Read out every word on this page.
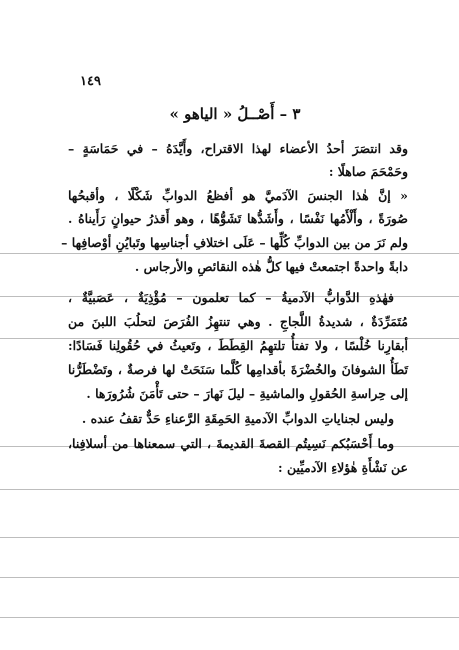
١٤٩
٣ – أَصْــلُ « الياهو »
وقد انتصَرَ أحدُ الأعضاء لهذا الاقتراح، وأَيَّدَهُ – في حَمَاسَةٍ –
وحَمْحَمَ صاهلًا :
« إنَّ هٰذا الجنسَ الآدَميَّ هو أفظعُ الدوابِّ شَكْلًا ، وأقبحُها
صُورَةً ، وأَلْأَمُها نَفْسًا ، وأَشَدُّها تَشَوُّهًا ، وهو أَقذرُ حيوانٍ رَأَيناهُ .
ولم نَرَ من بين الدوابِّ كُلِّها – عَلَى اختلافِ أجناسِها وتَبايُنِ أوْصافِها –
دابةً واحدةً اجتمعتْ فيها كلُّ هٰذه النقائصِ والأرجاس .
فهٰذهِ الدَّوابُّ الآدميةُ – كما تعلمون – مُؤْذِيَةٌ ، عَصَبيَّةٌ ،
مُتَمَرِّدَةٌ ، شديدةُ اللَّجاجِ . وهي تنتهِزُ الفُرَصَ لتحلُبَ اللبنَ من
أبقارِنا خُلْسًا ، ولا تفتأُ تلتهِمُ القِطَطَ ، وتَعيثُ في حُقُولِنا فَسَادًا:
تَطَأُ الشوفانَ والخُضْرَةَ بأقدامِها كُلَّما سَنَحَتْ لها فرصةٌ ، وتَضْطَرُّنا
إلى حِراسةِ الحُقولِ والماشيةِ – ليلَ نَهارَ – حتى تَأْمَنَ شُرُورَها .
وليس لجناياتِ الدوابِّ الآدميةِ الحَمِقَةِ الرَّعناءِ حَدٌّ تقفُ عنده .
وما أَحْسَبُكم نَسِيتُم القصةَ القديمةَ ، التي سمعناها من أسلافِنا،
عن نَشْأَةِ هٰؤلاءِ الآدميِّين :
